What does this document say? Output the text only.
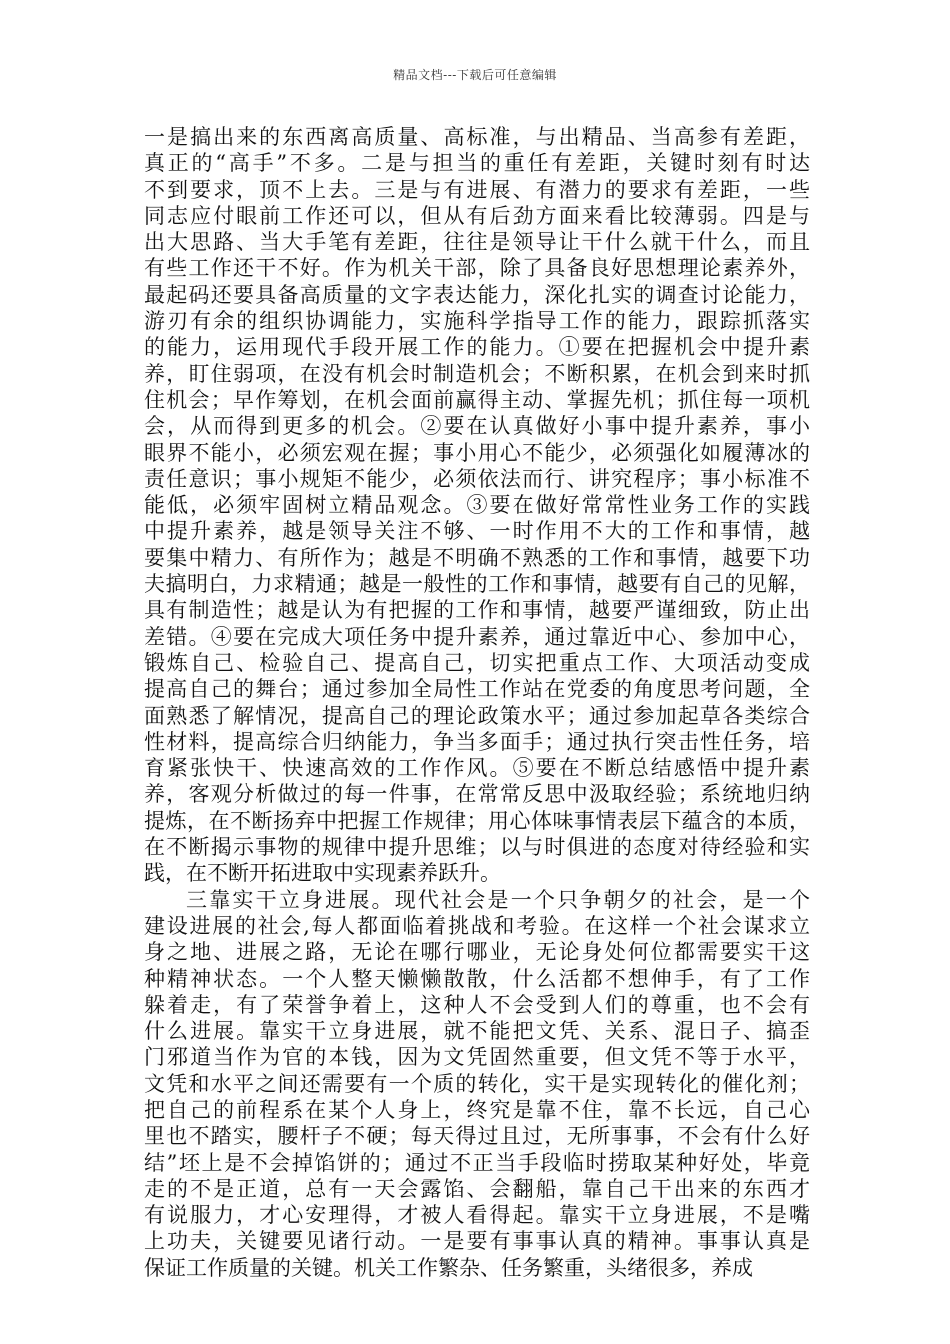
精品文档---下载后可任意编辑
一是搞出来的东西离高质量、高标准，与出精品、当高参有差距，
真正的“高手”不多。二是与担当的重任有差距，关键时刻有时达
不到要求，顶不上去。三是与有进展、有潜力的要求有差距，一些
同志应付眼前工作还可以，但从有后劲方面来看比较薄弱。四是与
出大思路、当大手笔有差距，往往是领导让干什么就干什么，而且
有些工作还干不好。作为机关干部，除了具备良好思想理论素养外，
最起码还要具备高质量的文字表达能力，深化扎实的调查讨论能力，
游刃有余的组织协调能力，实施科学指导工作的能力，跟踪抓落实
的能力，运用现代手段开展工作的能力。①要在把握机会中提升素
养，盯住弱项，在没有机会时制造机会；不断积累，在机会到来时抓
住机会；早作筹划，在机会面前赢得主动、掌握先机；抓住每一项机
会，从而得到更多的机会。②要在认真做好小事中提升素养，事小
眼界不能小，必须宏观在握；事小用心不能少，必须强化如履薄冰的
责任意识；事小规矩不能少，必须依法而行、讲究程序；事小标准不
能低，必须牢固树立精品观念。③要在做好常常性业务工作的实践
中提升素养，越是领导关注不够、一时作用不大的工作和事情，越
要集中精力、有所作为；越是不明确不熟悉的工作和事情，越要下功
夫搞明白，力求精通；越是一般性的工作和事情，越要有自己的见解，
具有制造性；越是认为有把握的工作和事情，越要严谨细致，防止出
差错。④要在完成大项任务中提升素养，通过靠近中心、参加中心，
锻炼自己、检验自己、提高自己，切实把重点工作、大项活动变成
提高自己的舞台；通过参加全局性工作站在党委的角度思考问题，全
面熟悉了解情况，提高自己的理论政策水平；通过参加起草各类综合
性材料，提高综合归纳能力，争当多面手；通过执行突击性任务，培
育紧张快干、快速高效的工作作风。⑤要在不断总结感悟中提升素
养，客观分析做过的每一件事，在常常反思中汲取经验；系统地归纳
提炼，在不断扬弃中把握工作规律；用心体味事情表层下蕴含的本质，
在不断揭示事物的规律中提升思维；以与时俱进的态度对待经验和实
践，在不断开拓进取中实现素养跃升。
三靠实干立身进展。现代社会是一个只争朝夕的社会，是一个
建设进展的社会,每人都面临着挑战和考验。在这样一个社会谋求立
身之地、进展之路，无论在哪行哪业，无论身处何位都需要实干这
种精神状态。一个人整天懒懒散散，什么活都不想伸手，有了工作
躲着走，有了荣誉争着上，这种人不会受到人们的尊重，也不会有
什么进展。靠实干立身进展，就不能把文凭、关系、混日子、搞歪
门邪道当作为官的本钱，因为文凭固然重要，但文凭不等于水平，
文凭和水平之间还需要有一个质的转化，实干是实现转化的催化剂；
把自己的前程系在某个人身上，终究是靠不住，靠不长远，自己心
里也不踏实，腰杆子不硬；每天得过且过，无所事事，不会有什么好
结”坯上是不会掉馅饼的；通过不正当手段临时捞取某种好处，毕竟
走的不是正道，总有一天会露馅、会翻船，靠自己干出来的东西才
有说服力，才心安理得，才被人看得起。靠实干立身进展，不是嘴
上功夫，关键要见诸行动。一是要有事事认真的精神。事事认真是
保证工作质量的关键。机关工作繁杂、任务繁重，头绪很多，养成
